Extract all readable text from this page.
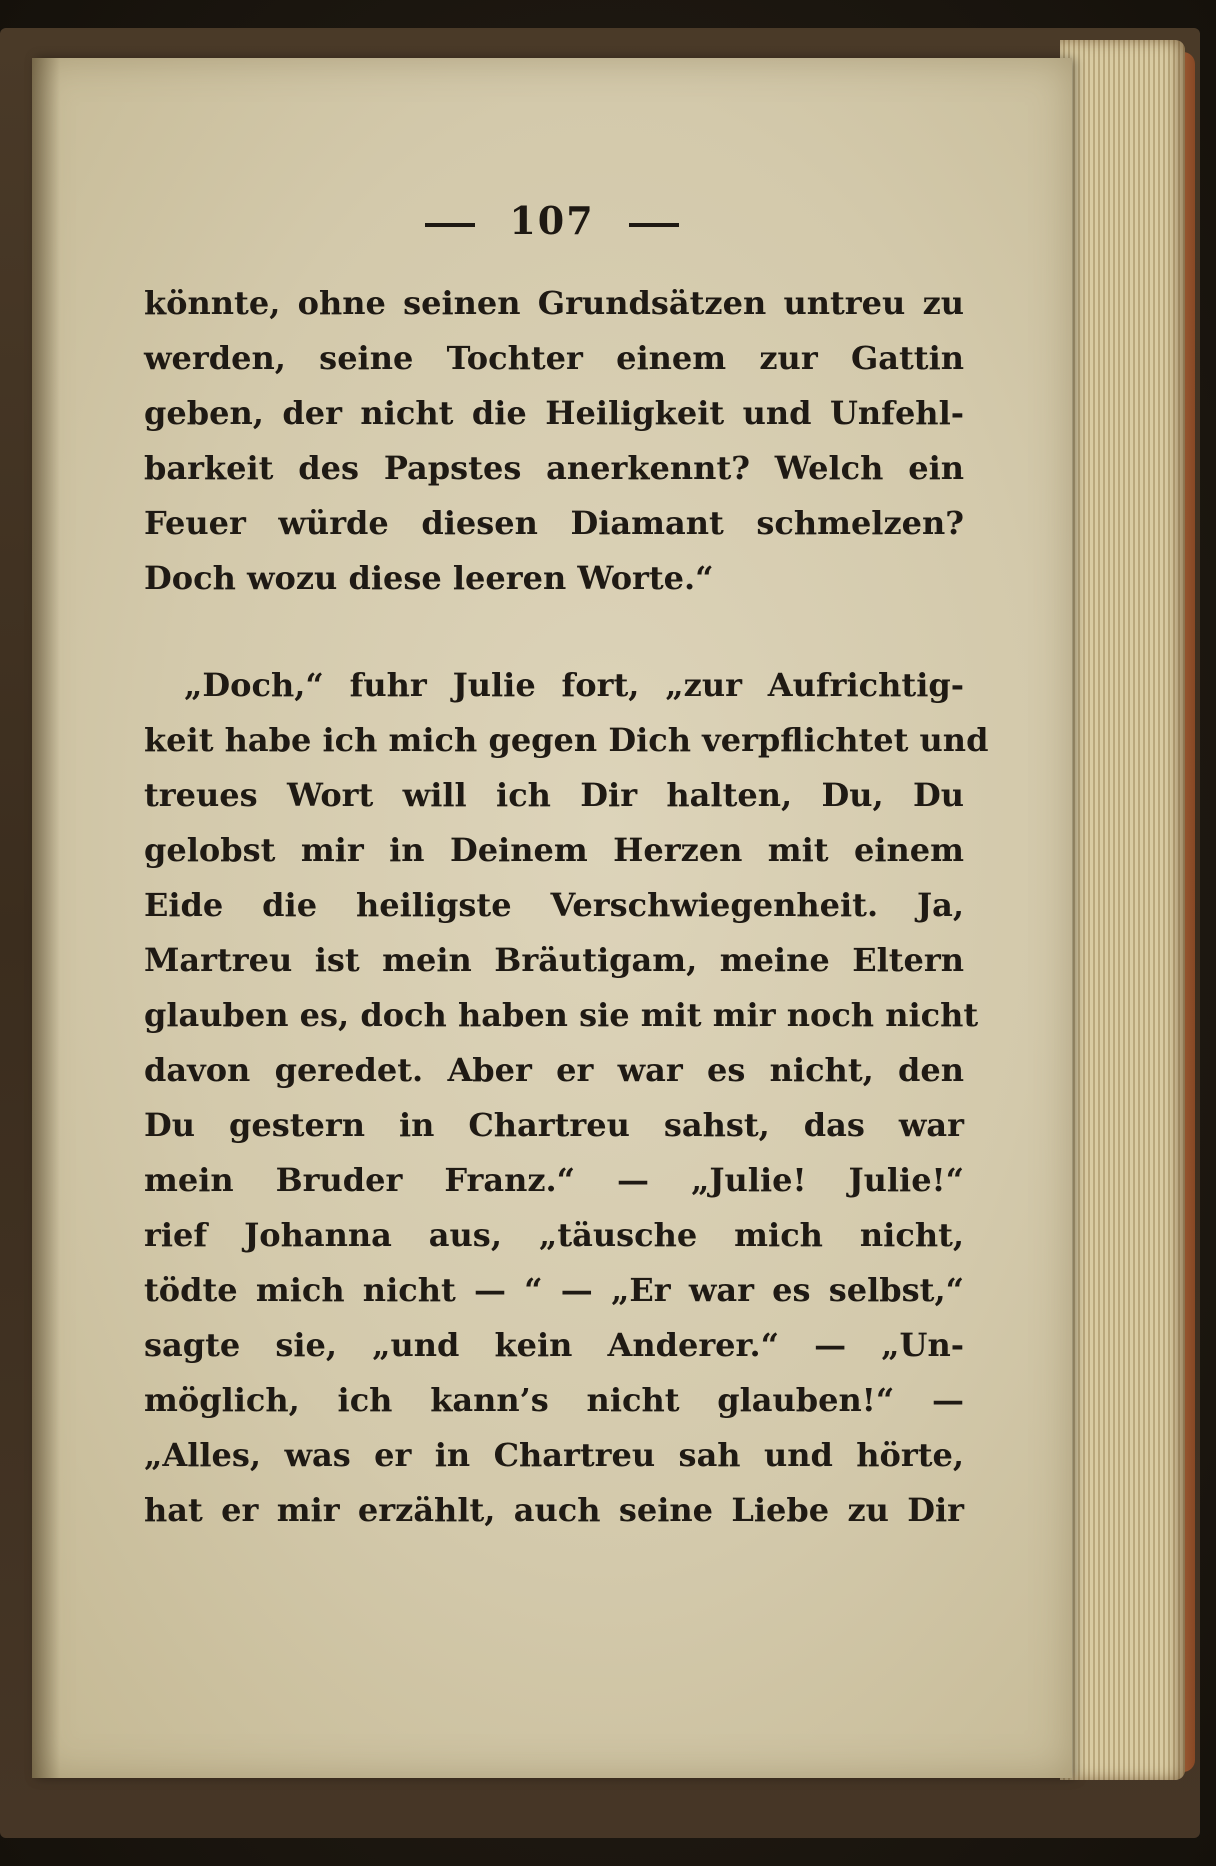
107
könnte, ohne seinen Grundsätzen untreu zu
werden, seine Tochter einem zur Gattin
geben, der nicht die Heiligkeit und Unfehl-
barkeit des Papstes anerkennt? Welch ein
Feuer würde diesen Diamant schmelzen?
Doch wozu diese leeren Worte.“
„Doch,“ fuhr Julie fort, „zur Aufrichtig-
keit habe ich mich gegen Dich verpflichtet und
treues Wort will ich Dir halten, Du, Du
gelobst mir in Deinem Herzen mit einem
Eide die heiligste Verschwiegenheit. Ja,
Martreu ist mein Bräutigam, meine Eltern
glauben es, doch haben sie mit mir noch nicht
davon geredet. Aber er war es nicht, den
Du gestern in Chartreu sahst, das war
mein Bruder Franz.“ — „Julie! Julie!“
rief Johanna aus, „täusche mich nicht,
tödte mich nicht — “ — „Er war es selbst,“
sagte sie, „und kein Anderer.“ — „Un-
möglich, ich kann’s nicht glauben!“ —
„Alles, was er in Chartreu sah und hörte,
hat er mir erzählt, auch seine Liebe zu Dir
